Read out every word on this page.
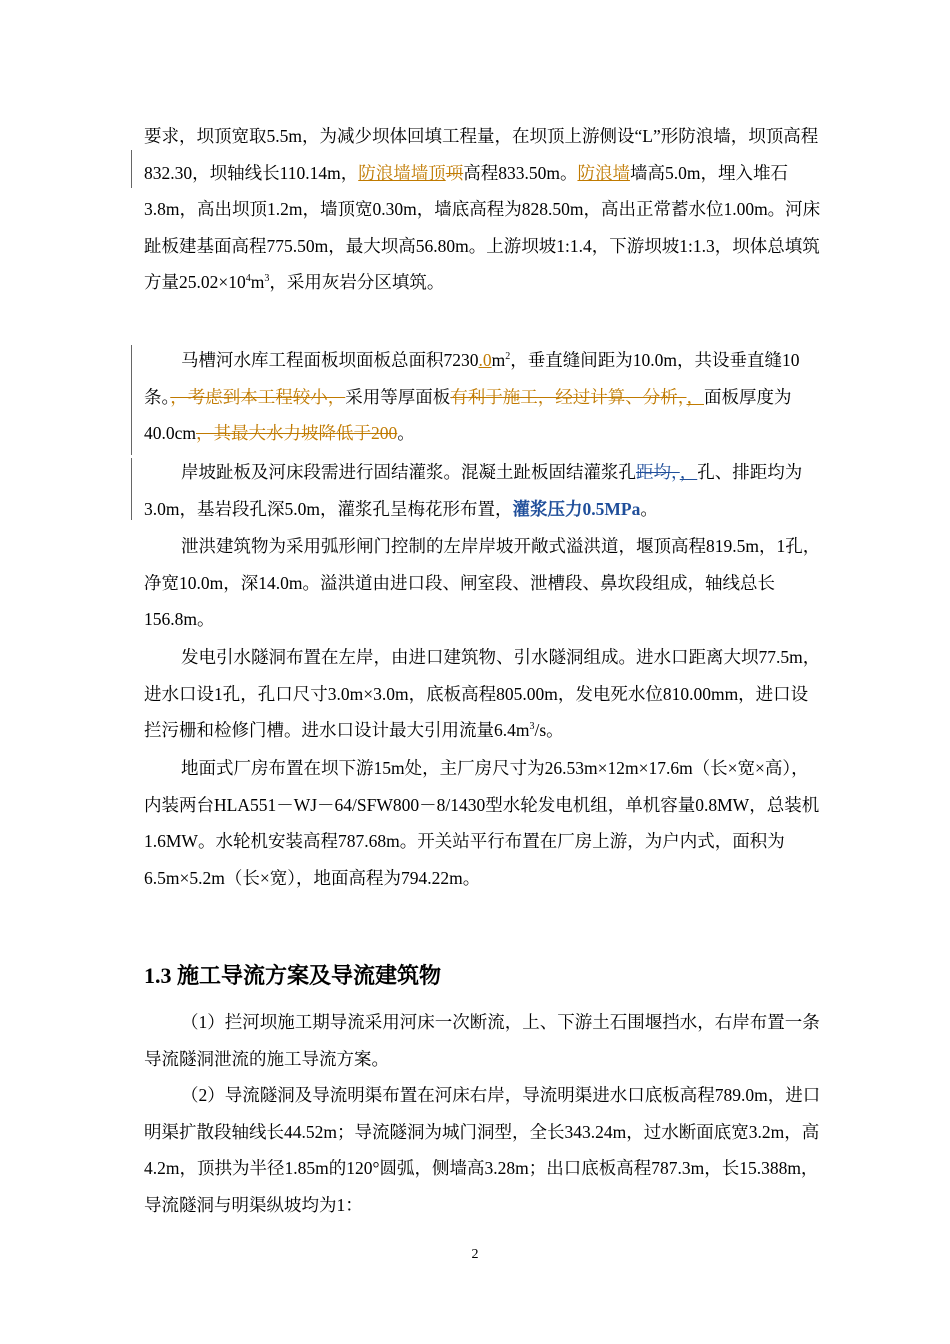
要求，坝顶宽取5.5m，为减少坝体回填工程量，在坝顶上游侧设“L”形防浪墙，坝顶高程832.30，坝轴线长110.14m，防浪墙墙顶项高程833.50m。防浪墙墙高5.0m，埋入堆石3.8m，高出坝顶1.2m，墙顶宽0.30m，墙底高程为828.50m，高出正常蓄水位1.00m。河床趾板建基面高程775.50m，最大坝高56.80m。上游坝坡1:1.4，下游坝坡1:1.3，坝体总填筑方量$25.02\times 10^4m^3$，采用灰岩分区填筑。

马槽河水库工程面板坝面板总面积$7230.0m^2$，垂直缝间距为10.0m，共设垂直缝10条。，考虑到本工程较小，采用等厚面板有利于施工，经过计算、分析，，面板厚度为40.0cm，其最大水力坡降低于200。

岸坡趾板及河床段需进行固结灌浆。混凝土趾板固结灌浆孔距均，，孔、排距均为3.0m，基岩段孔深5.0m，灌浆孔呈梅花形布置，灌浆压力0.5MPa。

泄洪建筑物为采用弧形闸门控制的左岸岸坡开敞式溢洪道，堰顶高程819.5m，1孔，净宽10.0m，深14.0m。溢洪道由进口段、闸室段、泄槽段、鼻坎段组成，轴线总长156.8m。

发电引水隧洞布置在左岸，由进口建筑物、引水隧洞组成。进水口距离大坝77.5m，进水口设1孔，孔口尺寸3.0m×3.0m，底板高程805.00m，发电死水位810.00mm，进口设拦污栅和检修门槽。进水口设计最大引用流量$6.4m^3/s$。

地面式厂房布置在坝下游15m处，主厂房尺寸为26.53m×12m×17.6m（长×宽×高），内装两台HLA551－WJ－64/SFW800－8/1430型水轮发电机组，单机容量0.8MW，总装机1.6MW。水轮机安装高程787.68m。开关站平行布置在厂房上游，为户内式，面积为6.5m×5.2m（长×宽），地面高程为794.22m。

1.3 施工导流方案及导流建筑物

（1）拦河坝施工期导流采用河床一次断流，上、下游土石围堰挡水，右岸布置一条导流隧洞泄流的施工导流方案。

（2）导流隧洞及导流明渠布置在河床右岸，导流明渠进水口底板高程789.0m，进口明渠扩散段轴线长44.52m；导流隧洞为城门洞型，全长343.24m，过水断面底宽3.2m，高4.2m，顶拱为半径1.85m的120°圆弧，侧墙高3.28m；出口底板高程787.3m，长15.388m，导流隧洞与明渠纵坡均为1：

2
